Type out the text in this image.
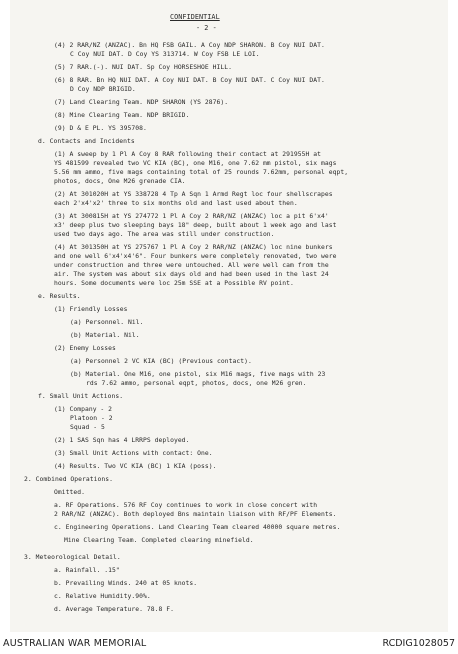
CONFIDENTIAL
- 2 -
(4) 2 RAR/NZ (ANZAC). Bn HQ FSB GAIL. A Coy NDP SHARON. B Coy NUI DAT.
C Coy NUI DAT. D Coy YS 313714. W Coy FSB LE LOI.
(5) 7 RAR.(-). NUI DAT. Sp Coy HORSESHOE HILL.
(6) 8 RAR. Bn HQ NUI DAT. A Coy NUI DAT. B Coy NUI DAT. C Coy NUI DAT.
D Coy NDP BRIGID.
(7) Land Clearing Team. NDP SHARON (YS 2876).
(8) Mine Clearing Team. NDP BRIGID.
(9) D & E PL. YS 395708.
d. Contacts and Incidents
(1) A sweep by 1 Pl A Coy 8 RAR following their contact at 291955H at
YS 481599 revealed two VC KIA (BC), one M16, one 7.62 mm pistol, six mags
5.56 mm ammo, five mags containing total of 25 rounds 7.62mm, personal eqpt,
photos, docs, One M26 grenade CIA.
(2) At 301020H at YS 338728 4 Tp A Sqn 1 Armd Regt loc four shellscrapes
each 2'x4'x2' three to six months old and last used about then.
(3) At 300815H at YS 274772 1 Pl A Coy 2 RAR/NZ (ANZAC) loc a pit 6'x4'
x3' deep plus two sleeping bays 18" deep, built about 1 week ago and last
used two days ago. The area was still under construction.
(4) At 301350H at YS 275767 1 Pl A Coy 2 RAR/NZ (ANZAC) loc nine bunkers
and one well 6'x4'x4'6". Four bunkers were completely renovated, two were
under construction and three were untouched. All were well cam from the
air. The system was about six days old and had been used in the last 24
hours. Some documents were loc 25m SSE at a Possible RV point.
e. Results.
(1) Friendly Losses
(a) Personnel. Nil.
(b) Material. Nil.
(2) Enemy Losses
(a) Personnel 2 VC KIA (BC) (Previous contact).
(b) Material. One M16, one pistol, six M16 mags, five mags with 23
rds 7.62 ammo, personal eqpt, photos, docs, one M26 gren.
f. Small Unit Actions.
(1) Company - 2
Platoon - 2
Squad - 5
(2) 1 SAS Sqn has 4 LRRPS deployed.
(3) Small Unit Actions with contact: One.
(4) Results. Two VC KIA (BC) 1 KIA (poss).
2. Combined Operations.
Omitted.
a. RF Operations. 576 RF Coy continues to work in close concert with
2 RAR/NZ (ANZAC). Both deployed Bns maintain liaison with RF/PF Elements.
c. Engineering Operations. Land Clearing Team cleared 40000 square metres.
Mine Clearing Team. Completed clearing minefield.
3. Meteorological Detail.
a. Rainfall. .15"
b. Prevailing Winds. 240 at 05 knots.
c. Relative Humidity.90%.
d. Average Temperature. 78.8 F.
AUSTRALIAN WAR MEMORIAL	RCDIG1028057
